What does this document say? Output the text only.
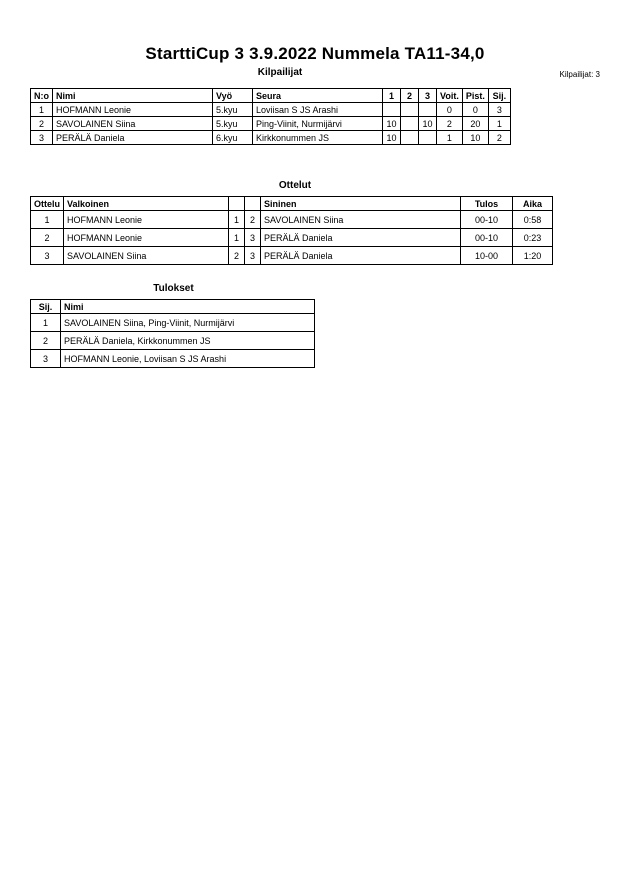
StarttiCup 3 3.9.2022 Nummela TA11-34,0
Kilpailijat	Kilpailijat: 3
N:o	Nimi	Vyö	Seura	1	2	3	Voit.	Pist.	Sij.
1	HOFMANN Leonie	5.kyu	Loviisan S JS Arashi				0	0	3
2	SAVOLAINEN Siina	5.kyu	Ping-Viinit, Nurmijärvi	10		10	2	20	1
3	PERÄLÄ Daniela	6.kyu	Kirkkonummen JS	10			1	10	2
Ottelut
Ottelu	Valkoinen			Sininen	Tulos	Aika
1	HOFMANN Leonie	1	2	SAVOLAINEN Siina	00-10	0:58
2	HOFMANN Leonie	1	3	PERÄLÄ Daniela	00-10	0:23
3	SAVOLAINEN Siina	2	3	PERÄLÄ Daniela	10-00	1:20
Tulokset
Sij.	Nimi
1	SAVOLAINEN Siina, Ping-Viinit, Nurmijärvi
2	PERÄLÄ Daniela, Kirkkonummen JS
3	HOFMANN Leonie, Loviisan S JS Arashi
